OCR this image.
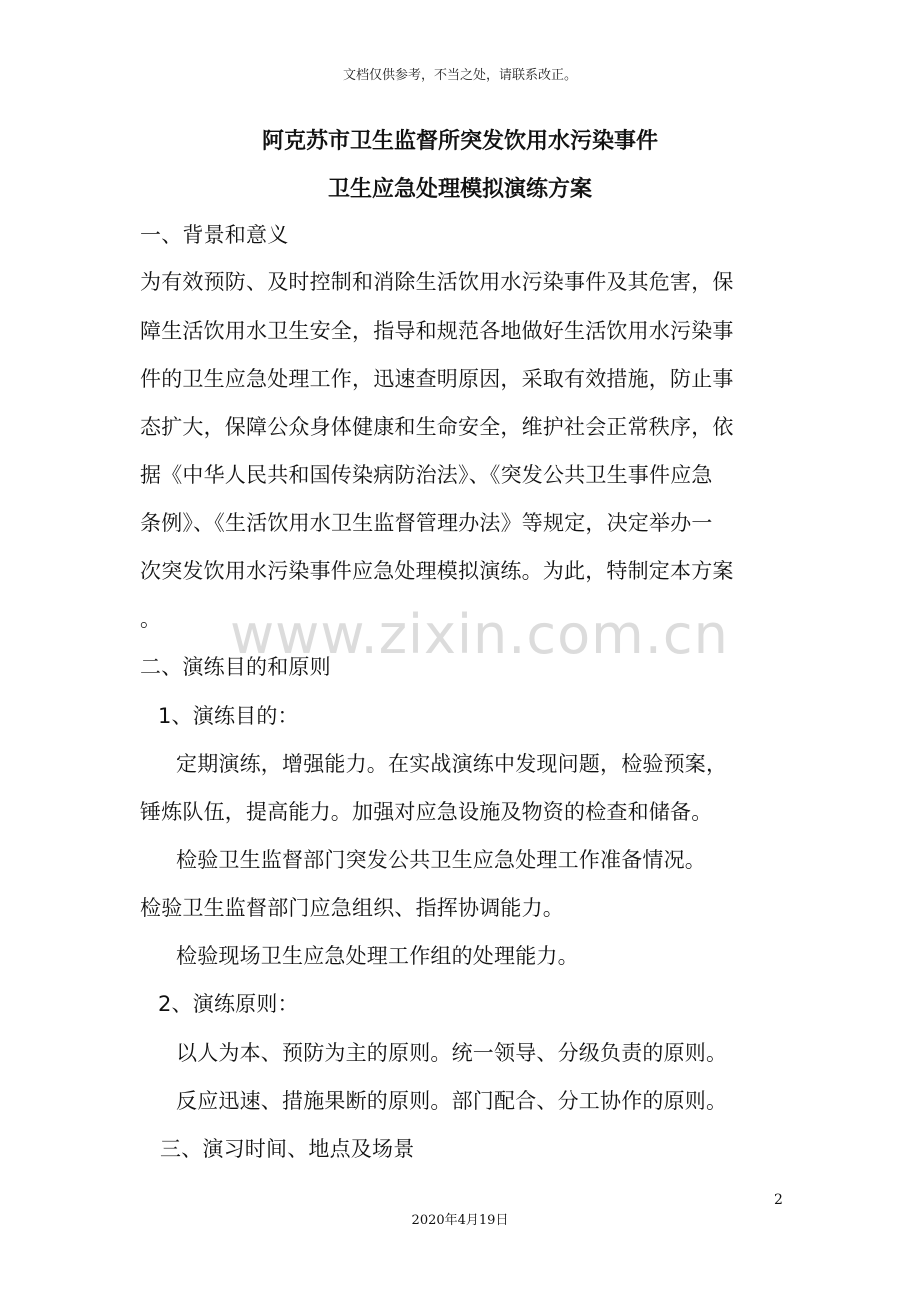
文档仅供参考，不当之处，请联系改正。
阿克苏市卫生监督所突发饮用水污染事件
卫生应急处理模拟演练方案
一、背景和意义
为有效预防、及时控制和消除生活饮用水污染事件及其危害，保
障生活饮用水卫生安全，指导和规范各地做好生活饮用水污染事
件的卫生应急处理工作，迅速查明原因，采取有效措施，防止事
态扩大，保障公众身体健康和生命安全，维护社会正常秩序，依
据《中华人民共和国传染病防治法》、《突发公共卫生事件应急
条例》、《生活饮用水卫生监督管理办法》等规定，决定举办一
次突发饮用水污染事件应急处理模拟演练。为此，特制定本方案
。 www.zixin.com.cn
二、演练目的和原则
1、演练目的：
定期演练，增强能力。在实战演练中发现问题，检验预案，
锤炼队伍，提高能力。加强对应急设施及物资的检查和储备。
检验卫生监督部门突发公共卫生应急处理工作准备情况。
检验卫生监督部门应急组织、指挥协调能力。
检验现场卫生应急处理工作组的处理能力。
2、演练原则：
以人为本、预防为主的原则。统一领导、分级负责的原则。
反应迅速、措施果断的原则。部门配合、分工协作的原则。
三、演习时间、地点及场景
2
2020年4月19日
